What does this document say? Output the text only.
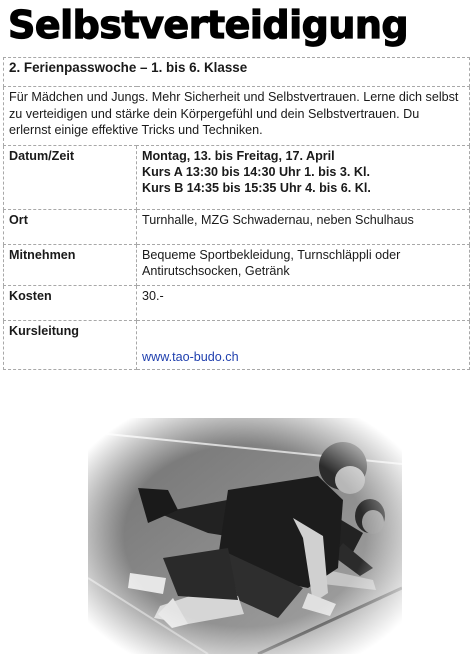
Selbstverteidigung
2. Ferienpasswoche – 1. bis 6. Klasse	
Für Mädchen und Jungs. Mehr Sicherheit und Selbstvertrauen. Lerne dich selbst zu verteidigen und stärke dein Körpergefühl und dein Selbstvertrauen. Du erlernst einige effektive Tricks und Techniken.	
Datum/Zeit	Montag, 13. bis Freitag, 17. April
Kurs A 13:30 bis 14:30 Uhr 1. bis 3. Kl.
Kurs B 14:35 bis 15:35 Uhr 4. bis 6. Kl.

Ort	Turnhalle, MZG Schwadernau, neben Schulhaus
Mitnehmen	Bequeme Sportbekleidung, Turnschläppli oder Antirutschsocken, Getränk
Kosten	30.-
Kursleitung	www.tao-budo.ch
